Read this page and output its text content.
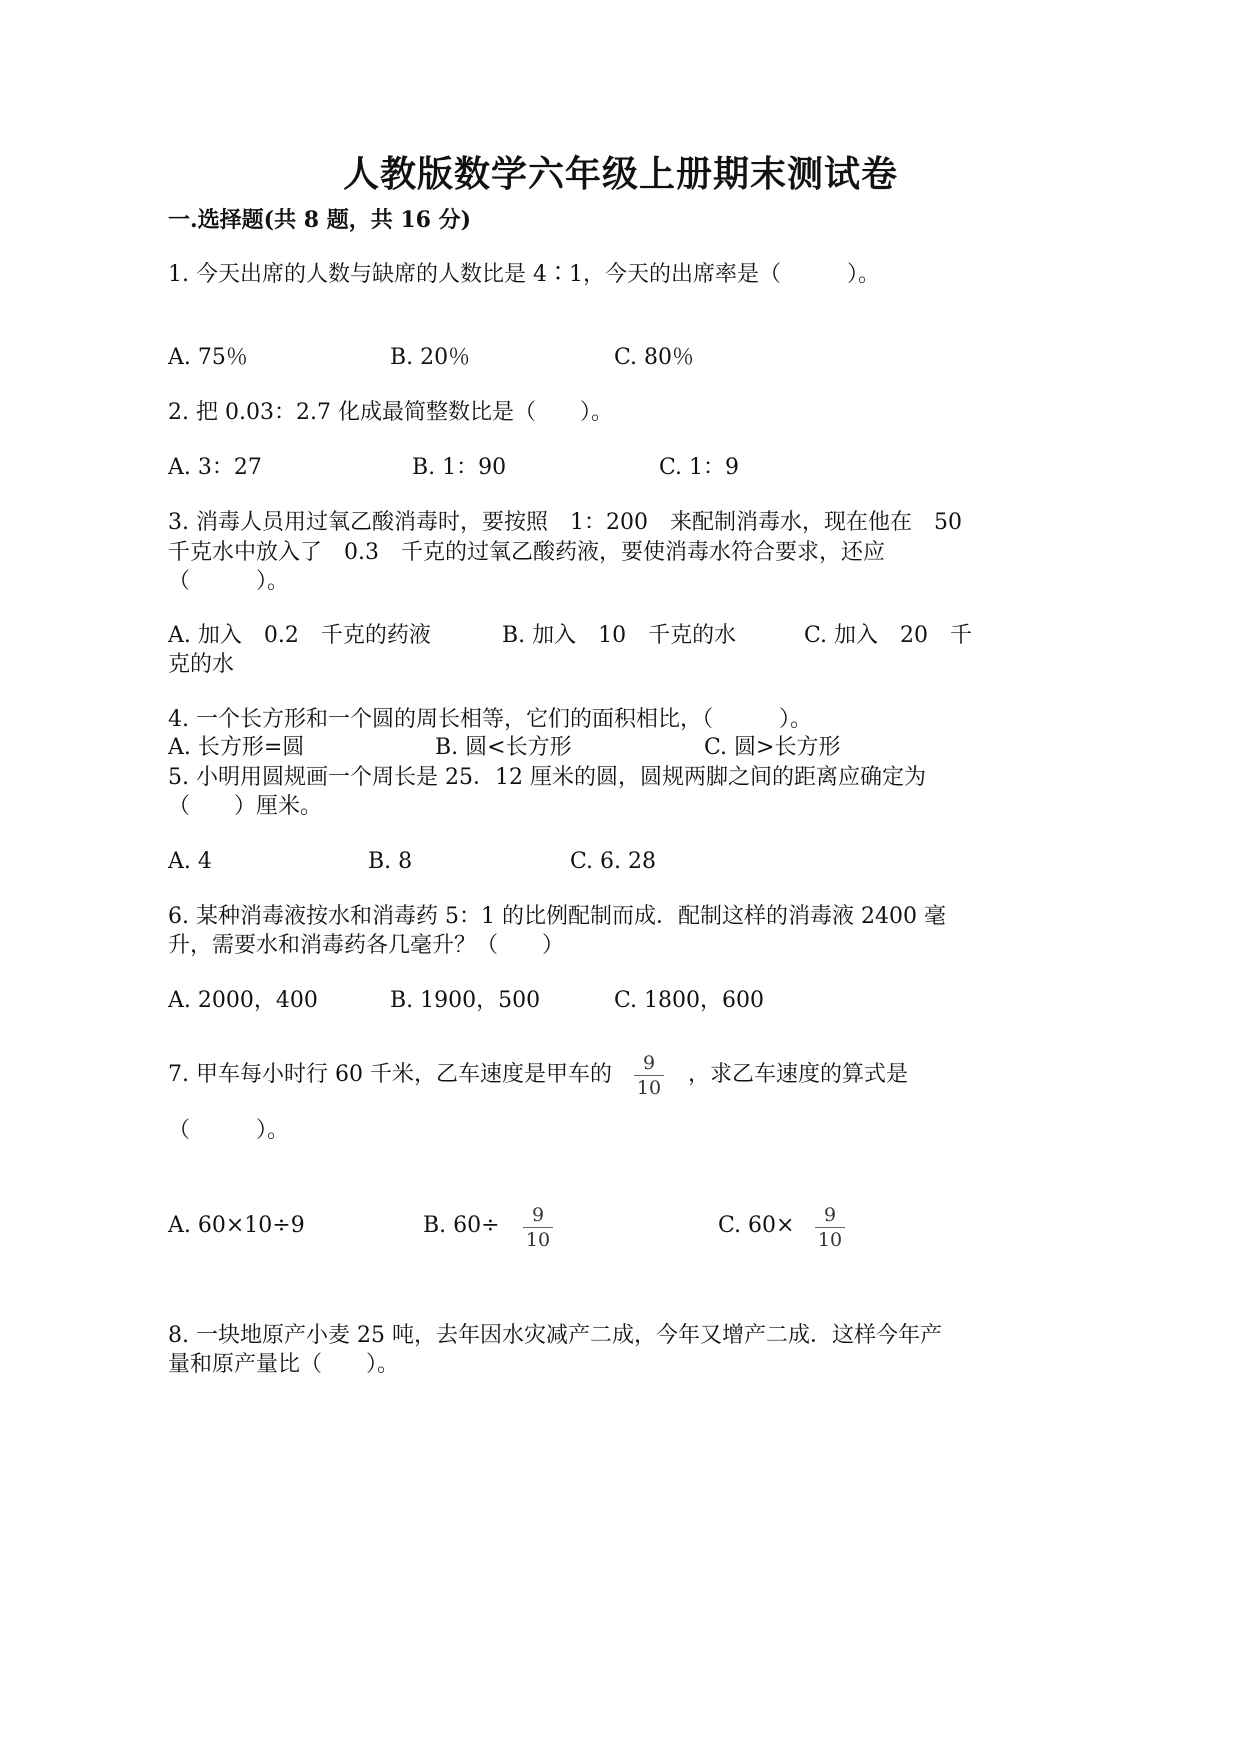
人教版数学六年级上册期末测试卷
一.选择题(共 8 题，共 16 分)
1. 今天出席的人数与缺席的人数比是 4∶1，今天的出席率是（　　　）。
A. 75％	B. 20％	C. 80％
2. 把 0.03：2.7 化成最简整数比是（　　）。
A. 3：27	B. 1：90	C. 1：9
3. 消毒人员用过氧乙酸消毒时，要按照　1：200　来配制消毒水，现在他在　50
千克水中放入了　0.3　千克的过氧乙酸药液，要使消毒水符合要求，还应
（　　　）。
A. 加入　0.2　千克的药液	B. 加入　10　千克的水	C. 加入　20　千
克的水
4. 一个长方形和一个圆的周长相等，它们的面积相比，（　　　）。
A. 长方形=圆	B. 圆<长方形	C. 圆>长方形
5. 小明用圆规画一个周长是 25．12 厘米的圆，圆规两脚之间的距离应确定为
（　　）厘米。
A. 4	B. 8	C. 6. 28
6. 某种消毒液按水和消毒药 5：1 的比例配制而成．配制这样的消毒液 2400 毫
升，需要水和消毒药各几毫升？（　　）
A. 2000，400	B. 1900，500	C. 1800，600
7. 甲车每小时行 60 千米，乙车速度是甲车的	9
10
，求乙车速度的算式是
（　　　）。
A. 60×10÷9	B. 60÷	9
10
C. 60×	9
10
8. 一块地原产小麦 25 吨，去年因水灾减产二成，今年又增产二成．这样今年产
量和原产量比（　　）。
